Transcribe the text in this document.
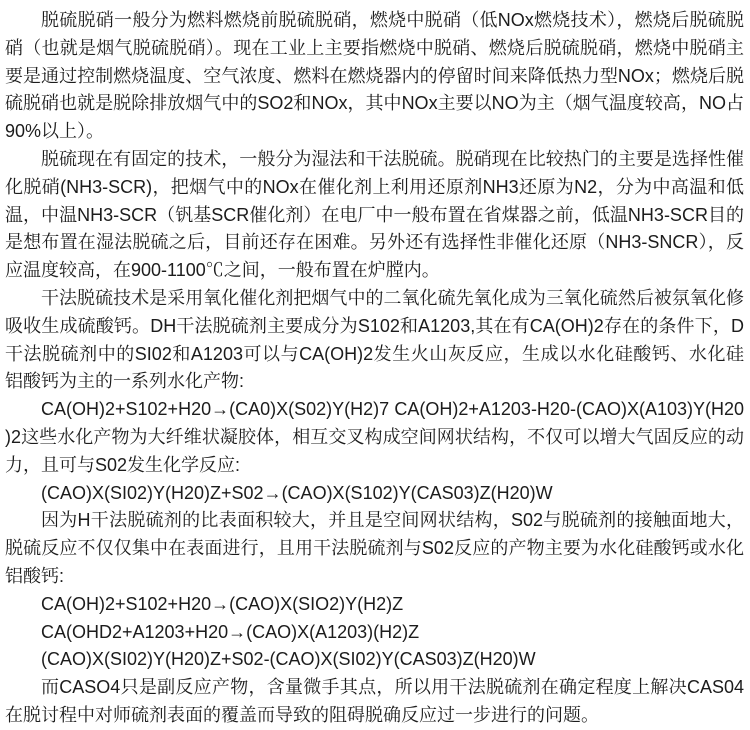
脱硫脱硝一般分为燃料燃烧前脱硫脱硝，燃烧中脱硝（低NOx燃烧技术），燃烧后脱硫脱硝（也就是烟气脱硫脱硝）。现在工业上主要指燃烧中脱硝、燃烧后脱硫脱硝，燃烧中脱硝主要是通过控制燃烧温度、空气浓度、燃料在燃烧器内的停留时间来降低热力型NOx；燃烧后脱硫脱硝也就是脱除排放烟气中的SO2和NOx，其中NOx主要以NO为主（烟气温度较高，NO占90%以上）。

脱硫现在有固定的技术，一般分为湿法和干法脱硫。脱硝现在比较热门的主要是选择性催化脱硝(NH3-SCR)，把烟气中的NOx在催化剂上利用还原剂NH3还原为N2，分为中高温和低温，中温NH3-SCR（钒基SCR催化剂）在电厂中一般布置在省煤器之前，低温NH3-SCR目的是想布置在湿法脱硫之后，目前还存在困难。另外还有选择性非催化还原（NH3-SNCR），反应温度较高，在900-1100℃之间，一般布置在炉膛内。

干法脱硫技术是采用氧化催化剂把烟气中的二氧化硫先氧化成为三氧化硫然后被氛氧化修吸收生成硫酸钙。DH干法脱硫剂主要成分为S102和A1203,其在有CA(OH)2存在的条件下，D干法脱硫剂中的SI02和A1203可以与CA(OH)2发生火山灰反应，生成以水化硅酸钙、水化硅铝酸钙为主的一系列水化产物:

CA(OH)2+S102+H20→(CA0)X(S02)Y(H2)7 CA(OH)2+A1203-H20-(CAO)X(A103)Y(H20)2这些水化产物为大纤维状凝胶体，相互交叉构成空间网状结构，不仅可以增大气固反应的动力，且可与S02发生化学反应:

(CAO)X(SI02)Y(H20)Z+S02→(CAO)X(S102)Y(CAS03)Z(H20)W

因为H干法脱硫剂的比表面积较大，并且是空间网状结构，S02与脱硫剂的接触面地大，脱硫反应不仅仅集中在表面进行，且用干法脱硫剂与S02反应的产物主要为水化硅酸钙或水化铝酸钙:

CA(OH)2+S102+H20→(CAO)X(SIO2)Y(H2)Z

CA(OHD2+A1203+H20→(CAO)X(A1203)(H2)Z

(CAO)X(SI02)Y(H20)Z+S02-(CAO)X(SI02)Y(CAS03)Z(H20)W

而CASO4只是副反应产物，含量微手其点，所以用干法脱硫剂在确定程度上解决CAS04在脱讨程中对师硫剂表面的覆盖而导致的阻碍脱确反应过一步进行的问题。
